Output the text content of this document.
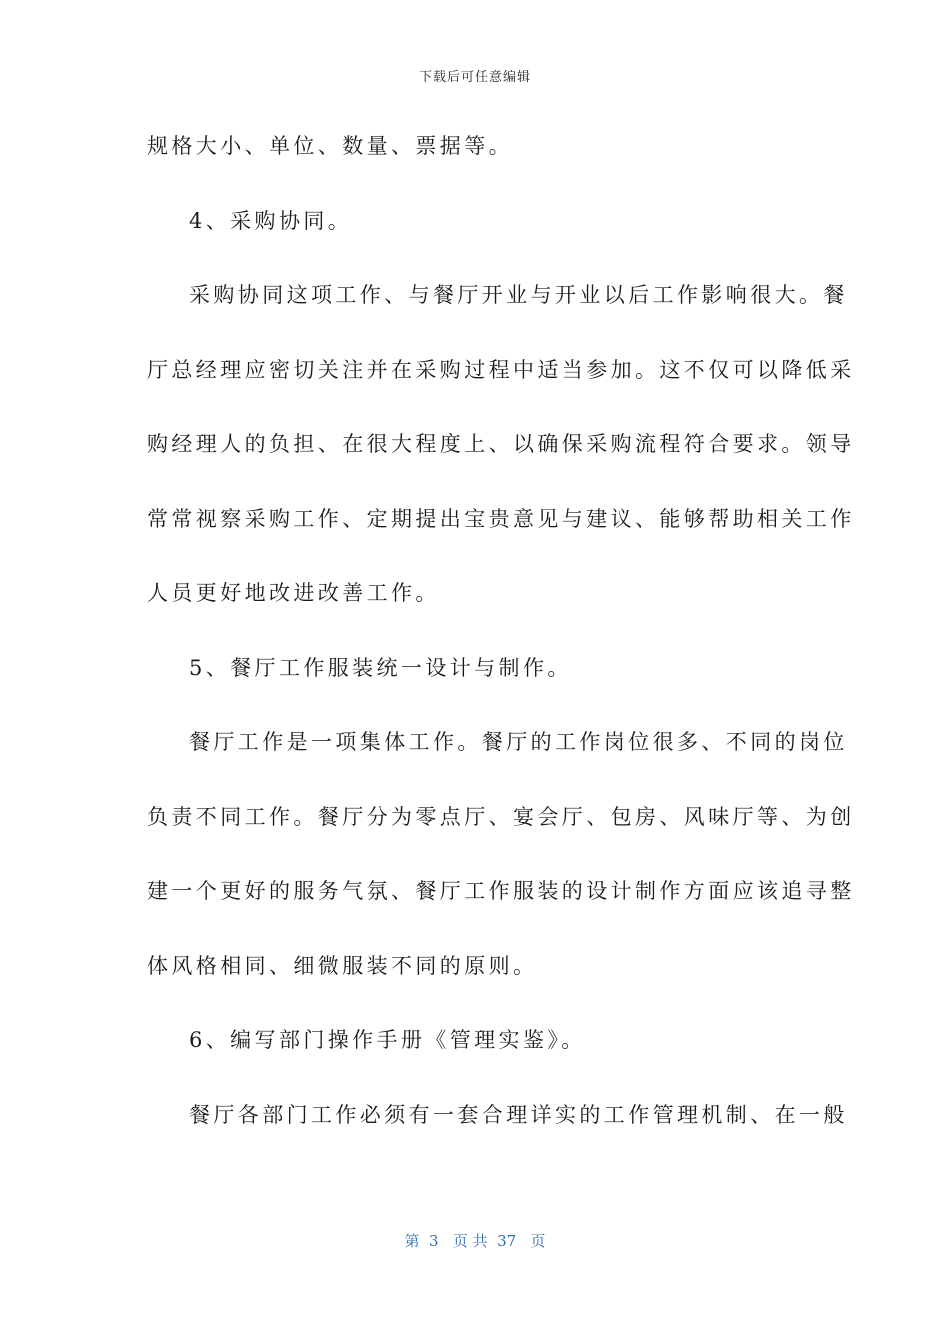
下载后可任意编辑
规格大小、单位、数量、票据等。
4、采购协同。
采购协同这项工作、与餐厅开业与开业以后工作影响很大。餐
厅总经理应密切关注并在采购过程中适当参加。这不仅可以降低采
购经理人的负担、在很大程度上、以确保采购流程符合要求。领导
常常视察采购工作、定期提出宝贵意见与建议、能够帮助相关工作
人员更好地改进改善工作。
5、餐厅工作服装统一设计与制作。
餐厅工作是一项集体工作。餐厅的工作岗位很多、不同的岗位
负责不同工作。餐厅分为零点厅、宴会厅、包房、风味厅等、为创
建一个更好的服务气氛、餐厅工作服装的设计制作方面应该追寻整
体风格相同、细微服装不同的原则。
6、编写部门操作手册《管理实鉴》。
餐厅各部门工作必须有一套合理详实的工作管理机制、在一般
第  3   页 共  37   页
